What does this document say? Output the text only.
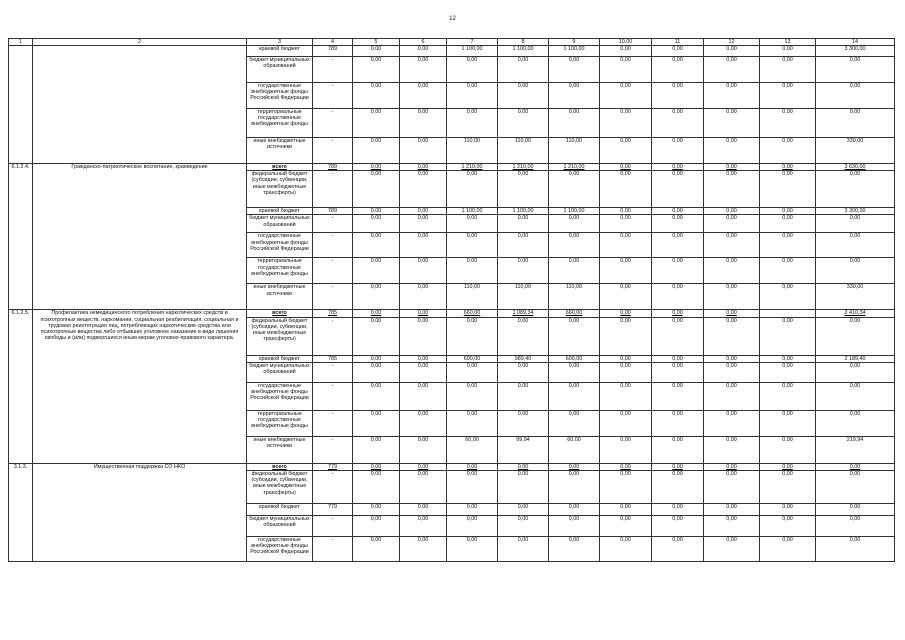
12
1	2	3	4	5	6	7	8	9	10.00	11	12	13	14
		краевой бюджет	789	0,00	0,00	1 100,00	1 100,00	1 100,00	0,00	0,00	0,00	0,00	3 300,00
		бюджет муниципальных образований	-	0,00	0,00	0,00	0,00	0,00	0,00	0,00	0,00	0,00	0,00
		государственные внебюджетные фонды Российской Федерации	-	0,00	0,00	0,00	0,00	0,00	0,00	0,00	0,00	0,00	0,00
		территориальные государственные внебюджетные фонды	-	0,00	0,00	0,00	0,00	0,00	0,00	0,00	0,00	0,00	0,00
		иные внебюджетные источники	-	0,00	0,00	110,00	110,00	110,00	0,00	0,00	0,00	0,00	330,00
6.1.2.4.	Гражданско-патриотическое воспитание, краеведение	всего	789	0,00	0,00	1 210,00	1 210,00	1 210,00	0,00	0,00	0,00	0,00	3 630,00
		федеральный бюджет (субсидии, субвенции, иные межбюджетные трансферты)	-	0,00	0,00	0,00	0,00	0,00	0,00	0,00	0,00	0,00	0,00
		краевой бюджет	789	0,00	0,00	1 100,00	1 100,00	1 100,00	0,00	0,00	0,00	0,00	3 300,00
		бюджет муниципальных образований	-	0,00	0,00	0,00	0,00	0,00	0,00	0,00	0,00	0,00	0,00
		государственные внебюджетные фонды Российской Федерации	-	0,00	0,00	0,00	0,00	0,00	0,00	0,00	0,00	0,00	0,00
		территориальные государственные внебюджетные фонды	-	0,00	0,00	0,00	0,00	0,00	0,00	0,00	0,00	0,00	0,00
		иные внебюджетные источники	-	0,00	0,00	110,00	110,00	110,00	0,00	0,00	0,00	0,00	330,00
6.1.2.5.	Профилактика немедицинского потребления наркотических средств и психотропных веществ, наркомании, социальная реабилитация, социальная и трудовая реинтеграция лиц, потребляющих наркотические средства или психотропные вещества либо отбывших уголовное наказание в виде лишения свободы и (или) подвергшихся иным мерам уголовно-правового характера.	всего	785	0,00	0,00	660,00	1 089,34	660,00	0,00	0,00	0,00		2 410,34
		федеральный бюджет (субсидии, субвенции, иные межбюджетные трансферты)	-	0,00	0,00	0,00	0,00	0,00	0,00	0,00	0,00	0,00	0,00
		краевой бюджет	785	0,00	0,00	600,00	989,40	600,00	0,00	0,00	0,00	0,00	2 189,40
		бюджет муниципальных образований	-	0,00	0,00	0,00	0,00	0,00	0,00	0,00	0,00	0,00	0,00
		государственные внебюджетные фонды Российской Федерации	-	0,00	0,00	0,00	0,00	0,00	0,00	0,00	0,00	0,00	0,00
		территориальные государственные внебюджетные фонды	-	0,00	0,00	0,00	0,00	0,00	0,00	0,00	0,00	0,00	0,00
		иные внебюджетные источники	-	0,00	0,00	60,00	99,94	60,00	0,00	0,00	0,00	0,00	219,94
3.1.3.	Имущественная поддержка СО НКО	всего	779	0,00	0,00	0,00	0,00	0,00	0,00	0,00	0,00	0,00	0,00
		федеральный бюджет (субсидии, субвенции, иные межбюджетные трансферты)	-	0,00	0,00	0,00	0,00	0,00	0,00	0,00	0,00	0,00	0,00
		краевой бюджет	779	0,00	0,00	0,00	0,00	0,00	0,00	0,00	0,00	0,00	0,00
		бюджет муниципальных образований	-	0,00	0,00	0,00	0,00	0,00	0,00	0,00	0,00	0,00	0,00
		государственные внебюджетные фонды Российской Федерации	-	0,00	0,00	0,00	0,00	0,00	0,00	0,00	0,00	0,00	0,00
